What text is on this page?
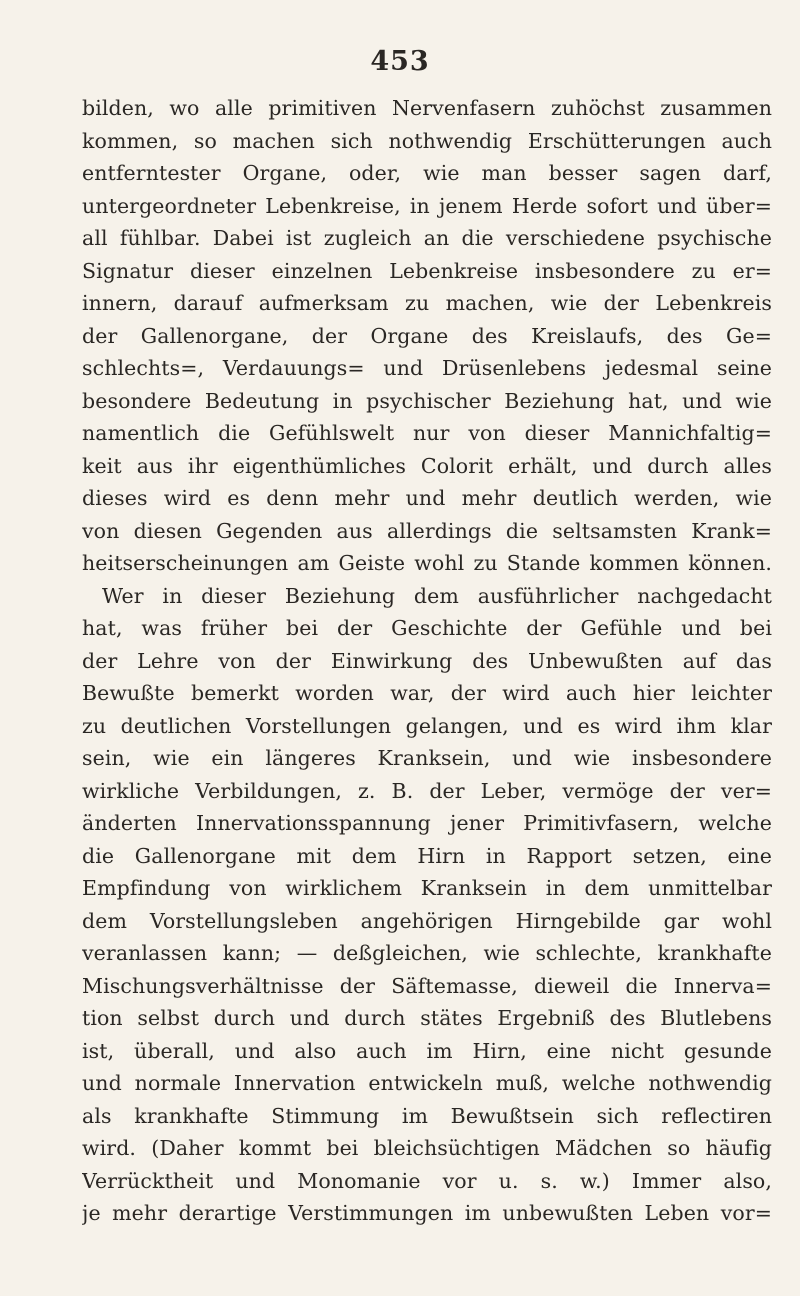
453
bilden, wo alle primitiven Nervenfasern zuhöchst zusammen
kommen, so machen sich nothwendig Erschütterungen auch
entferntester Organe, oder, wie man besser sagen darf,
untergeordneter Lebenkreise, in jenem Herde sofort und über=
all fühlbar. Dabei ist zugleich an die verschiedene psychische
Signatur dieser einzelnen Lebenkreise insbesondere zu er=
innern, darauf aufmerksam zu machen, wie der Lebenkreis
der Gallenorgane, der Organe des Kreislaufs, des Ge=
schlechts=, Verdauungs= und Drüsenlebens jedesmal seine
besondere Bedeutung in psychischer Beziehung hat, und wie
namentlich die Gefühlswelt nur von dieser Mannichfaltig=
keit aus ihr eigenthümliches Colorit erhält, und durch alles
dieses wird es denn mehr und mehr deutlich werden, wie
von diesen Gegenden aus allerdings die seltsamsten Krank=
heitserscheinungen am Geiste wohl zu Stande kommen können.
Wer in dieser Beziehung dem ausführlicher nachgedacht
hat, was früher bei der Geschichte der Gefühle und bei
der Lehre von der Einwirkung des Unbewußten auf das
Bewußte bemerkt worden war, der wird auch hier leichter
zu deutlichen Vorstellungen gelangen, und es wird ihm klar
sein, wie ein längeres Kranksein, und wie insbesondere
wirkliche Verbildungen, z. B. der Leber, vermöge der ver=
änderten Innervationsspannung jener Primitivfasern, welche
die Gallenorgane mit dem Hirn in Rapport setzen, eine
Empfindung von wirklichem Kranksein in dem unmittelbar
dem Vorstellungsleben angehörigen Hirngebilde gar wohl
veranlassen kann; — deßgleichen, wie schlechte, krankhafte
Mischungsverhältnisse der Säftemasse, dieweil die Innerva=
tion selbst durch und durch stätes Ergebniß des Blutlebens
ist, überall, und also auch im Hirn, eine nicht gesunde
und normale Innervation entwickeln muß, welche nothwendig
als krankhafte Stimmung im Bewußtsein sich reflectiren
wird. (Daher kommt bei bleichsüchtigen Mädchen so häufig
Verrücktheit und Monomanie vor u. s. w.) Immer also,
je mehr derartige Verstimmungen im unbewußten Leben vor=
